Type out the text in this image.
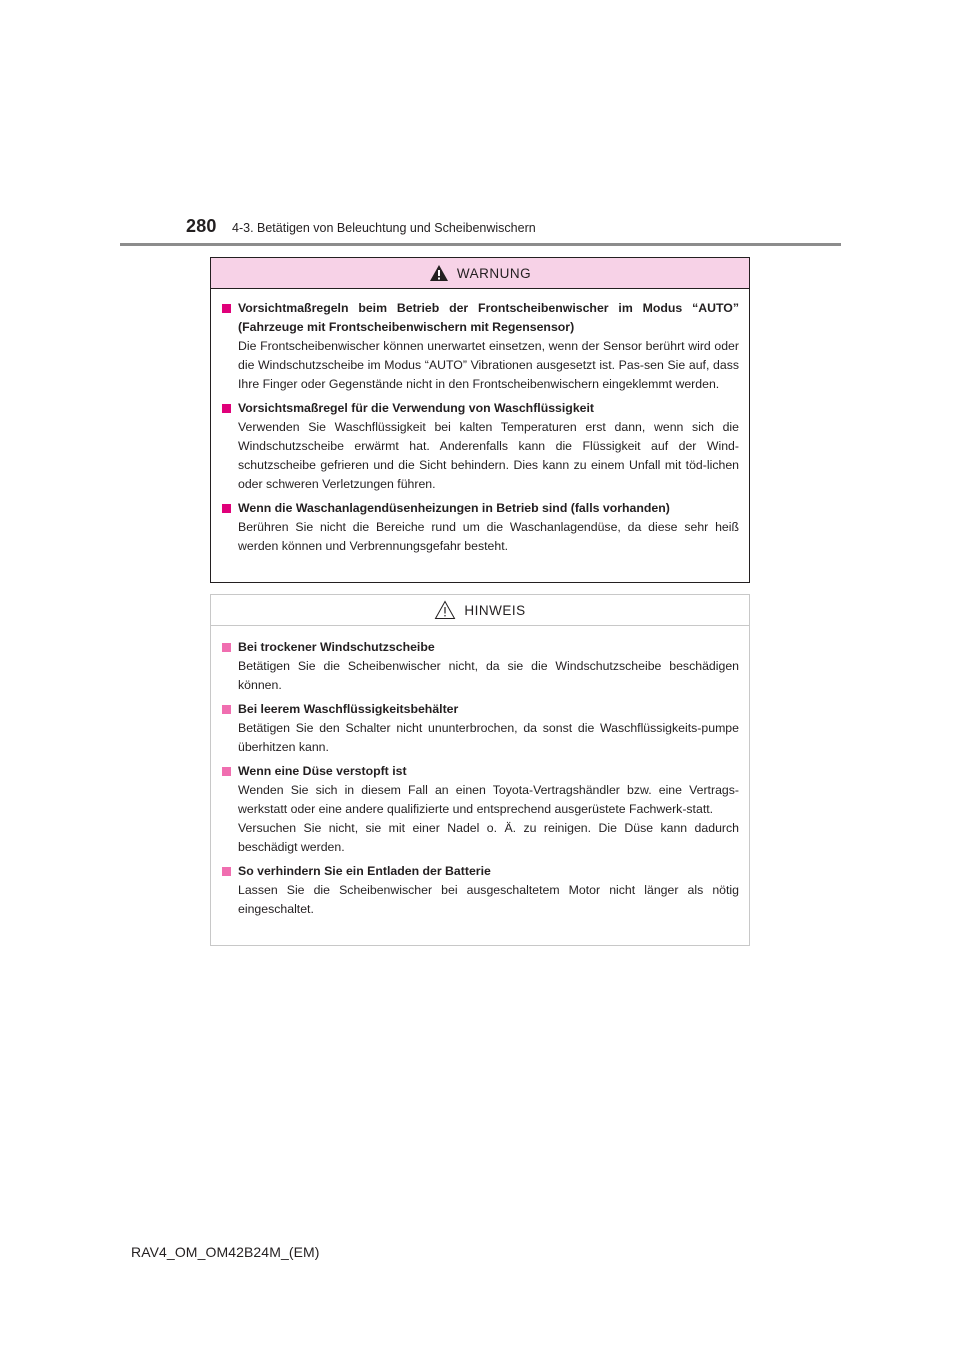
280 4-3. Betätigen von Beleuchtung und Scheibenwischern
WARNUNG
Vorsichtmaßregeln beim Betrieb der Frontscheibenwischer im Modus “AUTO” (Fahrzeuge mit Frontscheibenwischern mit Regensensor)
Die Frontscheibenwischer können unerwartet einsetzen, wenn der Sensor berührt wird oder die Windschutzscheibe im Modus “AUTO” Vibrationen ausgesetzt ist. Pas-sen Sie auf, dass Ihre Finger oder Gegenstände nicht in den Frontscheibenwischern eingeklemmt werden.
Vorsichtsmaßregel für die Verwendung von Waschflüssigkeit
Verwenden Sie Waschflüssigkeit bei kalten Temperaturen erst dann, wenn sich die Windschutzscheibe erwärmt hat. Anderenfalls kann die Flüssigkeit auf der Wind-schutzscheibe gefrieren und die Sicht behindern. Dies kann zu einem Unfall mit töd-lichen oder schweren Verletzungen führen.
Wenn die Waschanlagendüsenheizungen in Betrieb sind (falls vorhanden)
Berühren Sie nicht die Bereiche rund um die Waschanlagendüse, da diese sehr heiß werden können und Verbrennungsgefahr besteht.
HINWEIS
Bei trockener Windschutzscheibe
Betätigen Sie die Scheibenwischer nicht, da sie die Windschutzscheibe beschädigen können.
Bei leerem Waschflüssigkeitsbehälter
Betätigen Sie den Schalter nicht ununterbrochen, da sonst die Waschflüssigkeits-pumpe überhitzen kann.
Wenn eine Düse verstopft ist
Wenden Sie sich in diesem Fall an einen Toyota-Vertragshändler bzw. eine Vertrags-werkstatt oder eine andere qualifizierte und entsprechend ausgerüstete Fachwerk-statt.
Versuchen Sie nicht, sie mit einer Nadel o. Ä. zu reinigen. Die Düse kann dadurch beschädigt werden.
So verhindern Sie ein Entladen der Batterie
Lassen Sie die Scheibenwischer bei ausgeschaltetem Motor nicht länger als nötig eingeschaltet.
RAV4_OM_OM42B24M_(EM)
